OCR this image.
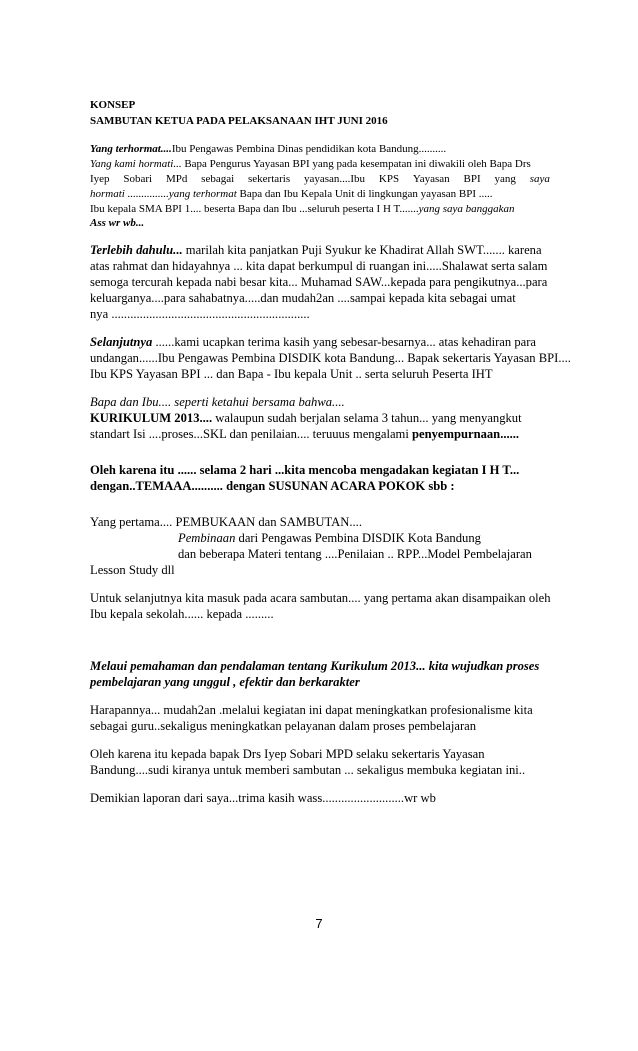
KONSEP
SAMBUTAN KETUA PADA PELAKSANAAN IHT JUNI 2016
Yang terhormat....Ibu Pengawas Pembina Dinas pendidikan kota Bandung..........
Yang kami hormati... Bapa Pengurus Yayasan BPI yang pada kesempatan ini diwakili oleh Bapa Drs
Iyep Sobari MPd sebagai sekertaris yayasan....Ibu KPS Yayasan BPI yang saya
hormati ...............yang terhormat Bapa dan Ibu Kepala Unit di lingkungan yayasan BPI .....
Ibu kepala SMA BPI 1.... beserta Bapa dan Ibu ...seluruh peserta I H T.......yang saya banggakan
Ass wr wb...
Terlebih dahulu... marilah kita panjatkan Puji Syukur ke Khadirat Allah SWT....... karena
atas rahmat dan hidayahnya ... kita dapat berkumpul di ruangan ini.....Shalawat serta salam
semoga tercurah kepada nabi besar kita... Muhamad SAW...kepada para pengikutnya...para
keluarganya....para sahabatnya.....dan mudah2an ....sampai kepada kita sebagai umat
nya ...............................................................
Selanjutnya ......kami ucapkan terima kasih yang sebesar-besarnya... atas kehadiran para
undangan......Ibu Pengawas Pembina DISDIK kota Bandung... Bapak sekertaris Yayasan BPI....
Ibu KPS Yayasan BPI ... dan Bapa - Ibu kepala Unit .. serta seluruh Peserta IHT
Bapa dan Ibu.... seperti ketahui bersama bahwa....
KURIKULUM 2013.... walaupun sudah berjalan selama 3 tahun... yang menyangkut
standart Isi ....proses...SKL dan penilaian.... teruuus mengalami penyempurnaan......
Oleh karena itu ...... selama 2 hari ...kita mencoba mengadakan kegiatan I H T...
dengan..TEMAAA.......... dengan SUSUNAN ACARA POKOK sbb :
Yang pertama.... PEMBUKAAN dan SAMBUTAN....
Pembinaan dari Pengawas Pembina DISDIK Kota Bandung
dan beberapa Materi tentang ....Penilaian .. RPP...Model Pembelajaran
Lesson Study dll
Untuk selanjutnya kita masuk pada acara sambutan.... yang pertama akan disampaikan oleh
Ibu kepala sekolah...... kepada .........
Melaui pemahaman dan pendalaman tentang Kurikulum 2013... kita wujudkan proses
pembelajaran yang unggul , efektir dan berkarakter
Harapannya... mudah2an .melalui kegiatan ini dapat meningkatkan profesionalisme kita
sebagai guru..sekaligus meningkatkan pelayanan dalam proses pembelajaran
Oleh karena itu kepada bapak Drs Iyep Sobari MPD selaku sekertaris Yayasan
Bandung....sudi kiranya untuk memberi sambutan ... sekaligus membuka kegiatan ini..
Demikian laporan dari saya...trima kasih wass..........................wr wb
7
